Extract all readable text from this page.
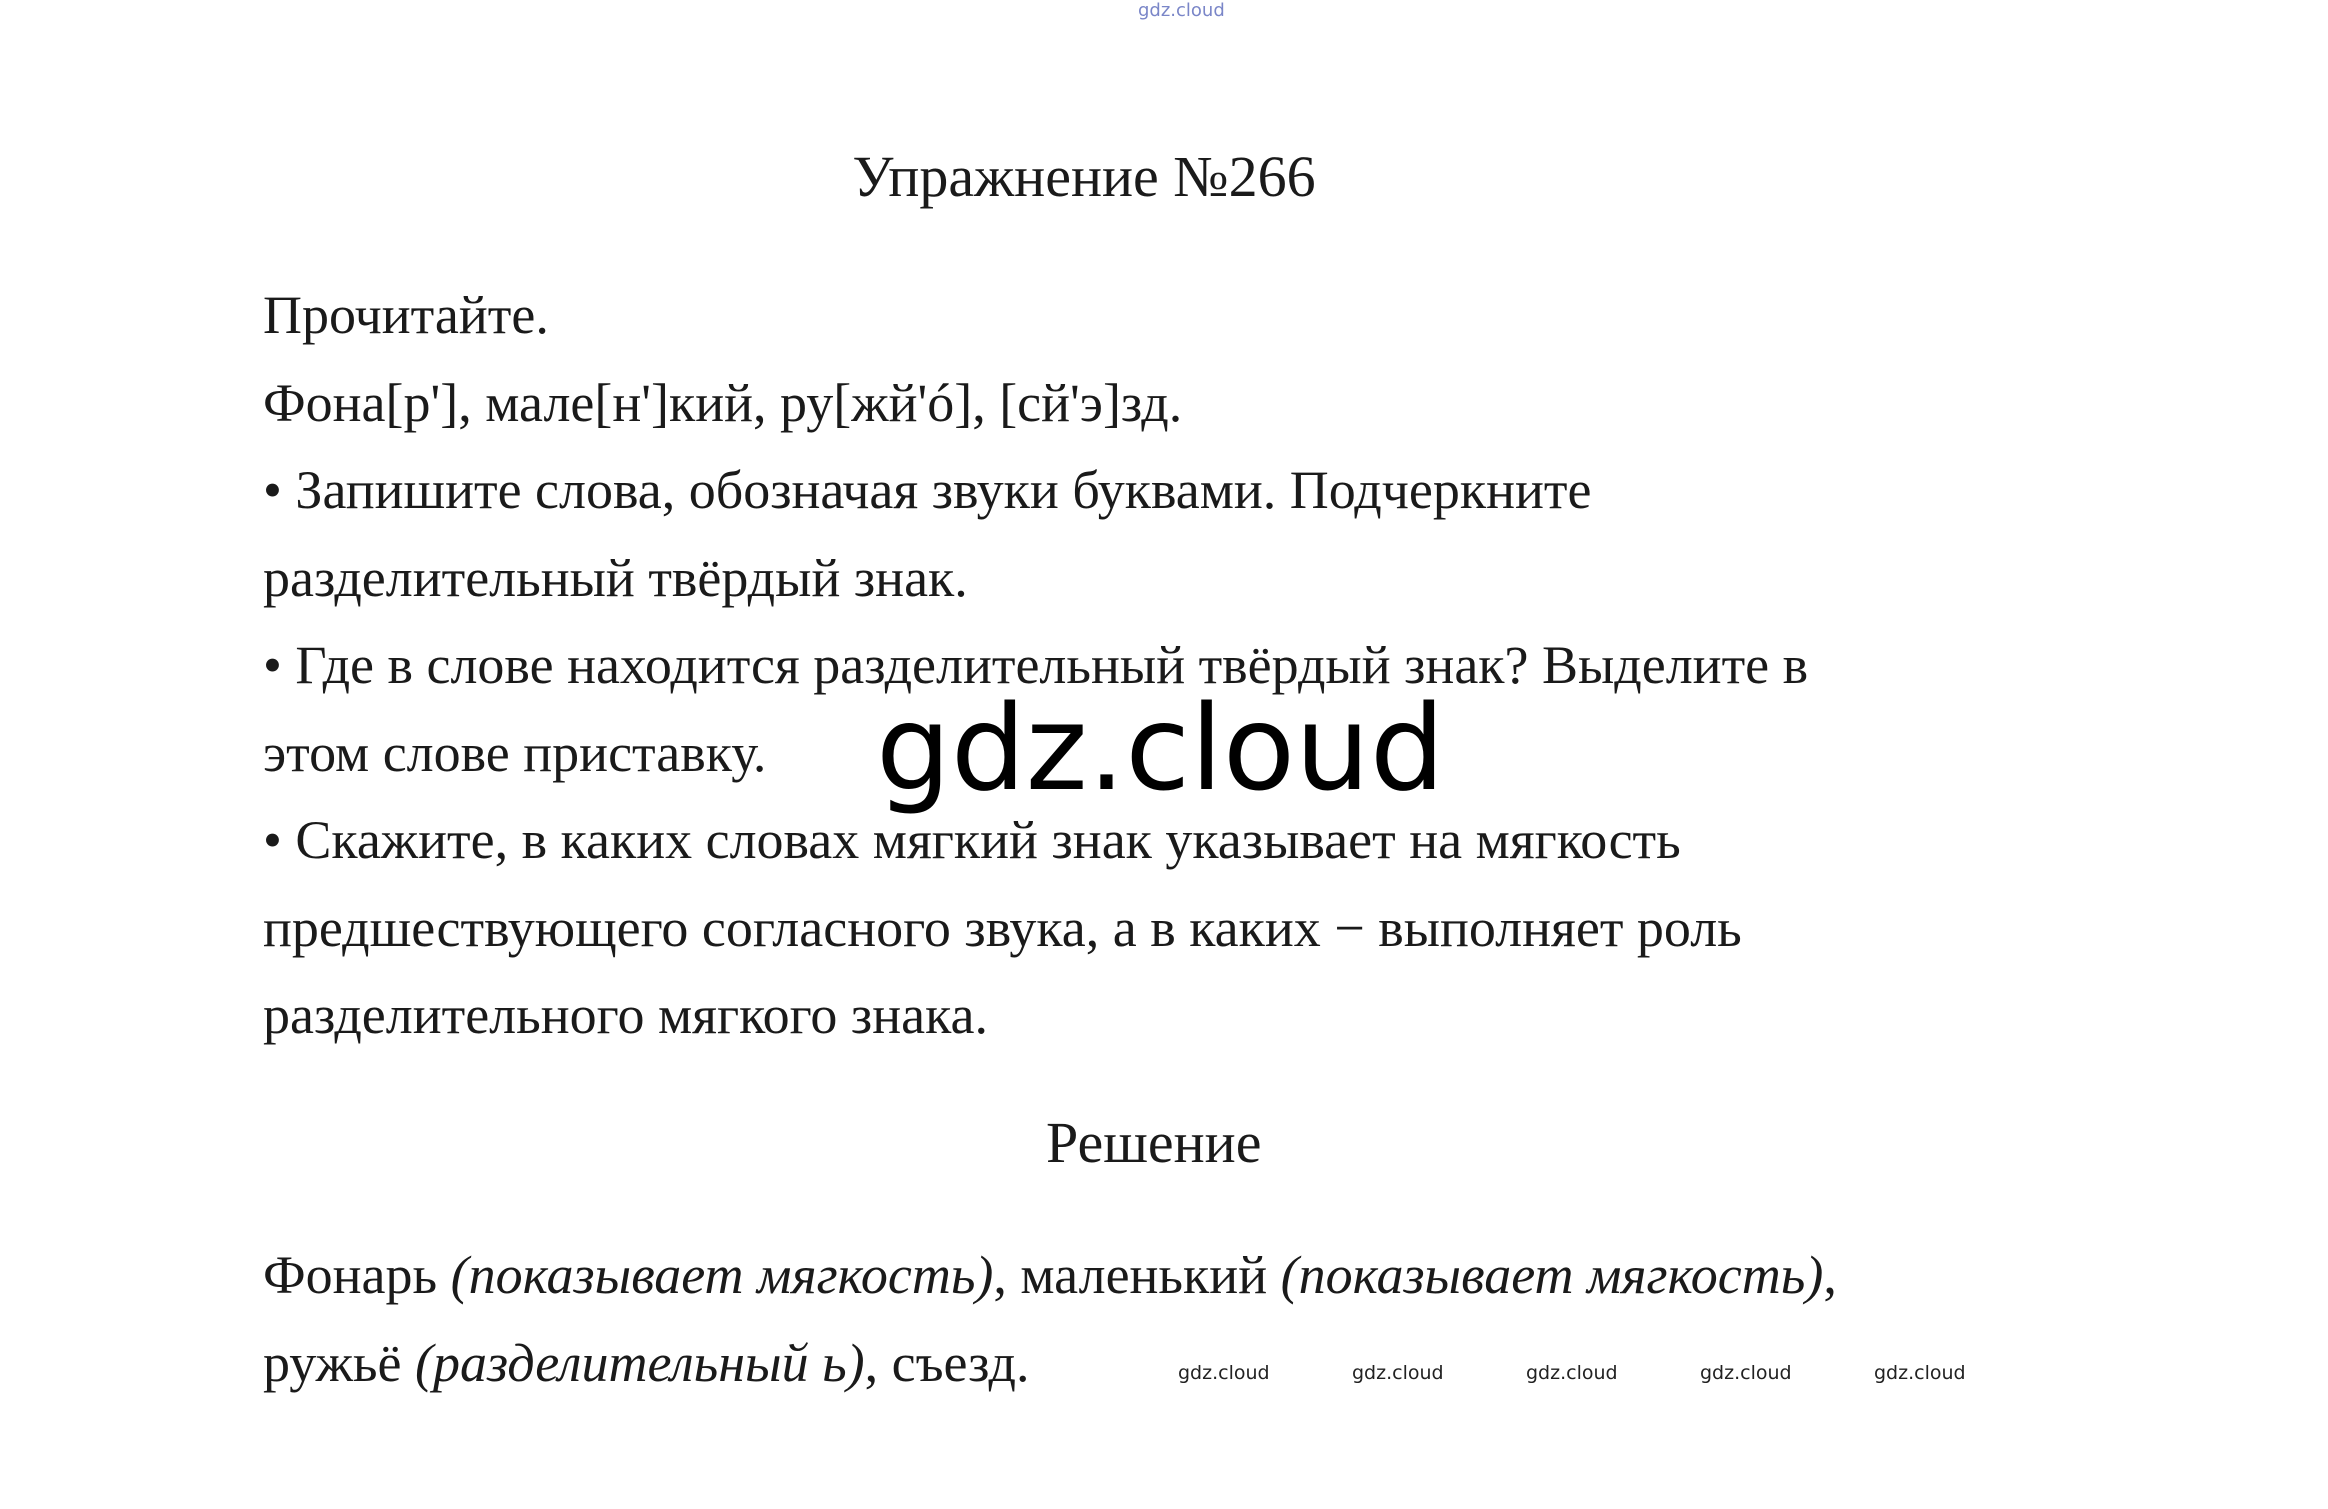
gdz.cloud
Упражнение №266
Прочитайте.
Фона[р'], мале[н']кий, ру[жй'ó], [сй'э]зд.
• Запишите слова, обозначая звуки буквами. Подчеркните
разделительный твёрдый знак.
• Где в слове находится разделительный твёрдый знак? Выделите в
этом слове приставку.
• Скажите, в каких словах мягкий знак указывает на мягкость
предшествующего согласного звука, а в каких − выполняет роль
разделительного мягкого знака.
gdz.cloud
Решение
Фонарь (показывает мягкость), маленький (показывает мягкость),
ружьё (разделительный ь), съезд.	gdz.cloud	gdz.cloud	gdz.cloud	gdz.cloud	gdz.cloud
